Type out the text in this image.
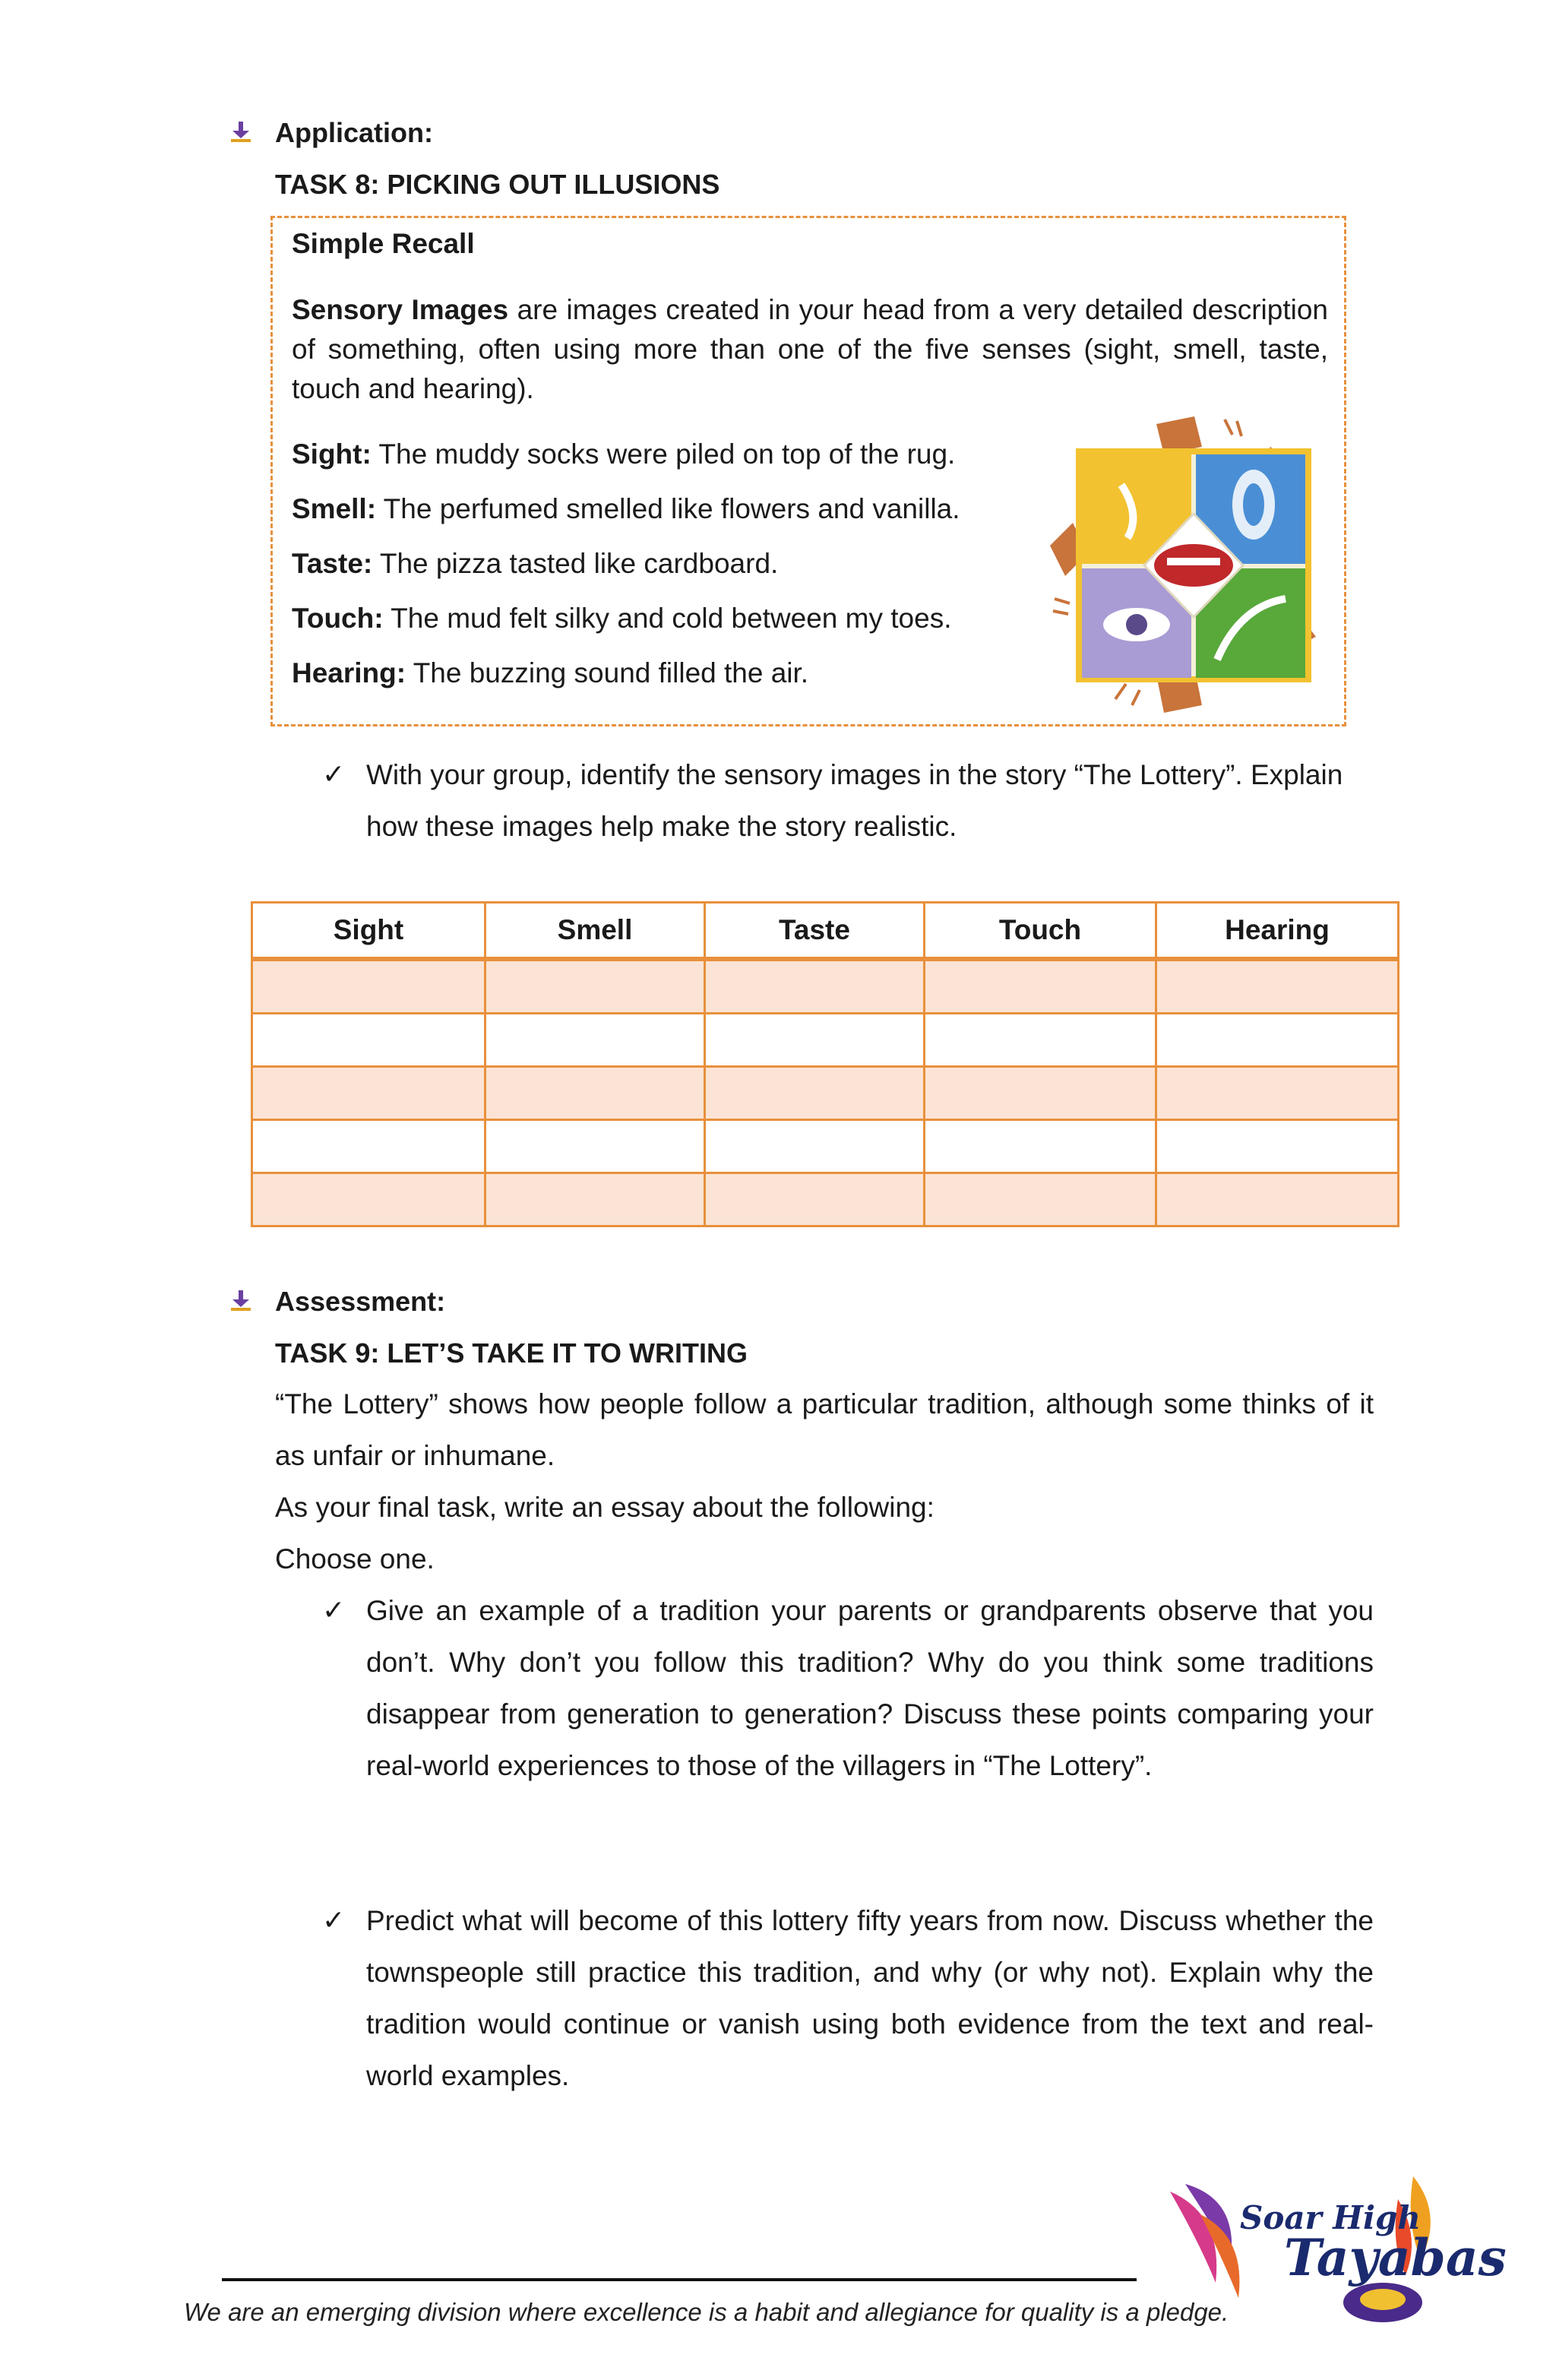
Application:
TASK 8: PICKING OUT ILLUSIONS
Simple Recall
Sensory Images are images created in your head from a very detailed description of something, often using more than one of the five senses (sight, smell, taste, touch and hearing).
Sight: The muddy socks were piled on top of the rug.
Smell: The perfumed smelled like flowers and vanilla.
Taste: The pizza tasted like cardboard.
Touch: The mud felt silky and cold between my toes.
Hearing: The buzzing sound filled the air.
✓ With your group, identify the sensory images in the story “The Lottery”. Explain how these images help make the story realistic.
Sight	Smell	Taste	Touch	Hearing

Assessment:
TASK 9: LET’S TAKE IT TO WRITING
“The Lottery” shows how people follow a particular tradition, although some thinks of it as unfair or inhumane.
As your final task, write an essay about the following:
Choose one.
✓ Give an example of a tradition your parents or grandparents observe that you don’t. Why don’t you follow this tradition? Why do you think some traditions disappear from generation to generation? Discuss these points comparing your real-world experiences to those of the villagers in “The Lottery”.
✓ Predict what will become of this lottery fifty years from now. Discuss whether the townspeople still practice this tradition, and why (or why not). Explain why the tradition would continue or vanish using both evidence from the text and real-world examples.
We are an emerging division where excellence is a habit and allegiance for quality is a pledge.
Soar High
Tayabas
